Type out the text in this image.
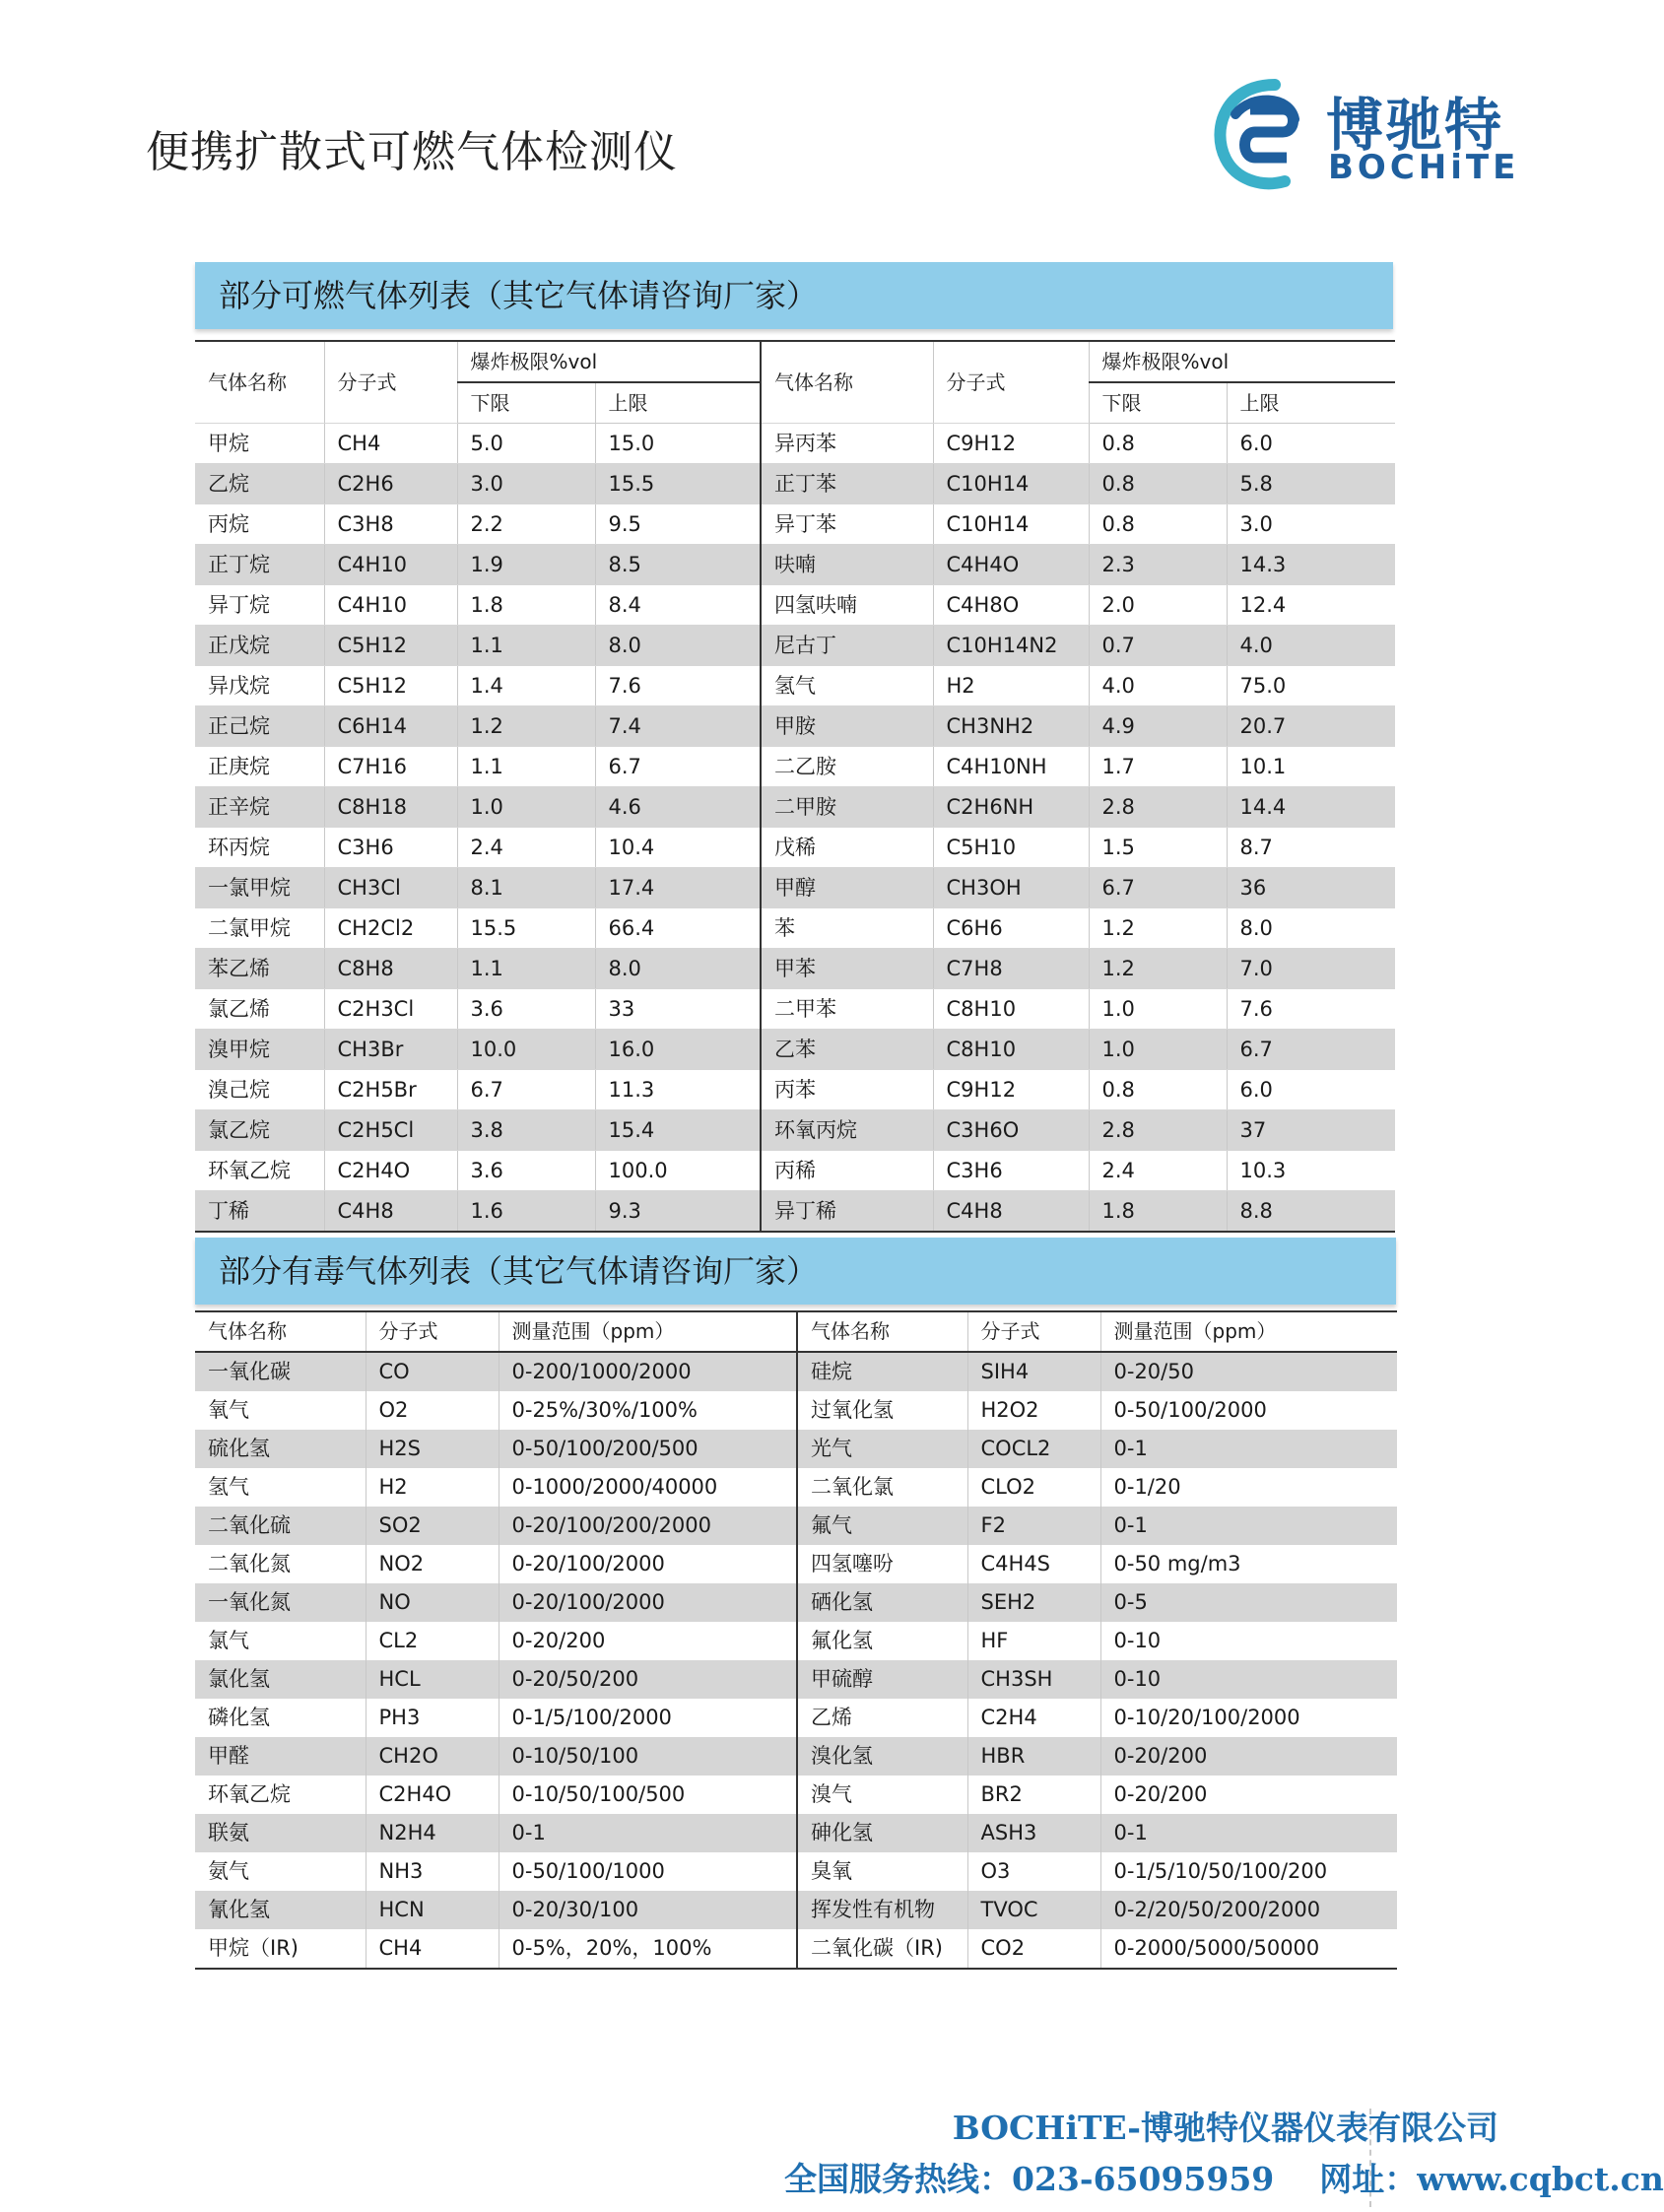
便携扩散式可燃气体检测仪	博驰特
BOCHiTE
部分可燃气体列表（其它气体请咨询厂家）
气体名称	分子式	爆炸极限%vol		气体名称	分子式	爆炸极限%vol	
		下限	上限			下限	上限
甲烷	CH4	5.0	15.0	异丙苯	C9H12	0.8	6.0
乙烷	C2H6	3.0	15.5	正丁苯	C10H14	0.8	5.8
丙烷	C3H8	2.2	9.5	异丁苯	C10H14	0.8	3.0
正丁烷	C4H10	1.9	8.5	呋喃	C4H4O	2.3	14.3
异丁烷	C4H10	1.8	8.4	四氢呋喃	C4H8O	2.0	12.4
正戊烷	C5H12	1.1	8.0	尼古丁	C10H14N2	0.7	4.0
异戊烷	C5H12	1.4	7.6	氢气	H2	4.0	75.0
正己烷	C6H14	1.2	7.4	甲胺	CH3NH2	4.9	20.7
正庚烷	C7H16	1.1	6.7	二乙胺	C4H10NH	1.7	10.1
正辛烷	C8H18	1.0	4.6	二甲胺	C2H6NH	2.8	14.4
环丙烷	C3H6	2.4	10.4	戊稀	C5H10	1.5	8.7
一氯甲烷	CH3Cl	8.1	17.4	甲醇	CH3OH	6.7	36
二氯甲烷	CH2Cl2	15.5	66.4	苯	C6H6	1.2	8.0
苯乙烯	C8H8	1.1	8.0	甲苯	C7H8	1.2	7.0
氯乙烯	C2H3Cl	3.6	33	二甲苯	C8H10	1.0	7.6
溴甲烷	CH3Br	10.0	16.0	乙苯	C8H10	1.0	6.7
溴己烷	C2H5Br	6.7	11.3	丙苯	C9H12	0.8	6.0
氯乙烷	C2H5Cl	3.8	15.4	环氧丙烷	C3H6O	2.8	37
环氧乙烷	C2H4O	3.6	100.0	丙稀	C3H6	2.4	10.3
丁稀	C4H8	1.6	9.3	异丁稀	C4H8	1.8	8.8
部分有毒气体列表（其它气体请咨询厂家）
气体名称	分子式	测量范围（ppm）	气体名称	分子式	测量范围（ppm）
一氧化碳	CO	0-200/1000/2000	硅烷	SIH4	0-20/50
氧气	O2	0-25%/30%/100%	过氧化氢	H2O2	0-50/100/2000
硫化氢	H2S	0-50/100/200/500	光气	COCL2	0-1
氢气	H2	0-1000/2000/40000	二氧化氯	CLO2	0-1/20
二氧化硫	SO2	0-20/100/200/2000	氟气	F2	0-1
二氧化氮	NO2	0-20/100/2000	四氢噻吩	C4H4S	0-50 mg/m3
一氧化氮	NO	0-20/100/2000	硒化氢	SEH2	0-5
氯气	CL2	0-20/200	氟化氢	HF	0-10
氯化氢	HCL	0-20/50/200	甲硫醇	CH3SH	0-10
磷化氢	PH3	0-1/5/100/2000	乙烯	C2H4	0-10/20/100/2000
甲醛	CH2O	0-10/50/100	溴化氢	HBR	0-20/200
环氧乙烷	C2H4O	0-10/50/100/500	溴气	BR2	0-20/200
联氨	N2H4	0-1	砷化氢	ASH3	0-1
氨气	NH3	0-50/100/1000	臭氧	O3	0-1/5/10/50/100/200
氰化氢	HCN	0-20/30/100	挥发性有机物	TVOC	0-2/20/50/200/2000
甲烷（IR)	CH4	0-5%，20%，100%	二氧化碳（IR)	CO2	0-2000/5000/50000
BOCHiTE-博驰特仪器仪表有限公司
全国服务热线：023-65095959 网址：www.cqbct.cn
